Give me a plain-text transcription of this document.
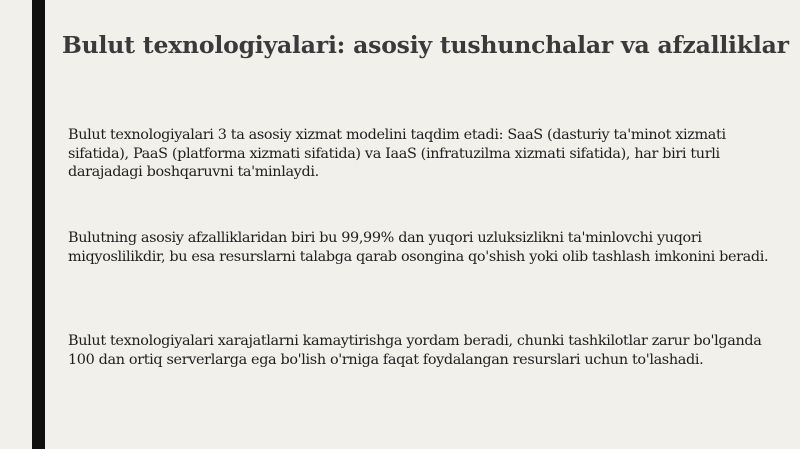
Bulut texnologiyalari: asosiy tushunchalar va afzalliklar

Bulut texnologiyalari 3 ta asosiy xizmat modelini taqdim etadi: SaaS (dasturiy ta'minot xizmati sifatida), PaaS (platforma xizmati sifatida) va IaaS (infratuzilma xizmati sifatida), har biri turli darajadagi boshqaruvni ta'minlaydi.

Bulutning asosiy afzalliklaridan biri bu 99,99% dan yuqori uzluksizlikni ta'minlovchi yuqori miqyoslilikdir, bu esa resurslarni talabga qarab osongina qo'shish yoki olib tashlash imkonini beradi.

Bulut texnologiyalari xarajatlarni kamaytirishga yordam beradi, chunki tashkilotlar zarur bo'lganda 100 dan ortiq serverlarga ega bo'lish o'rniga faqat foydalangan resurslari uchun to'lashadi.
